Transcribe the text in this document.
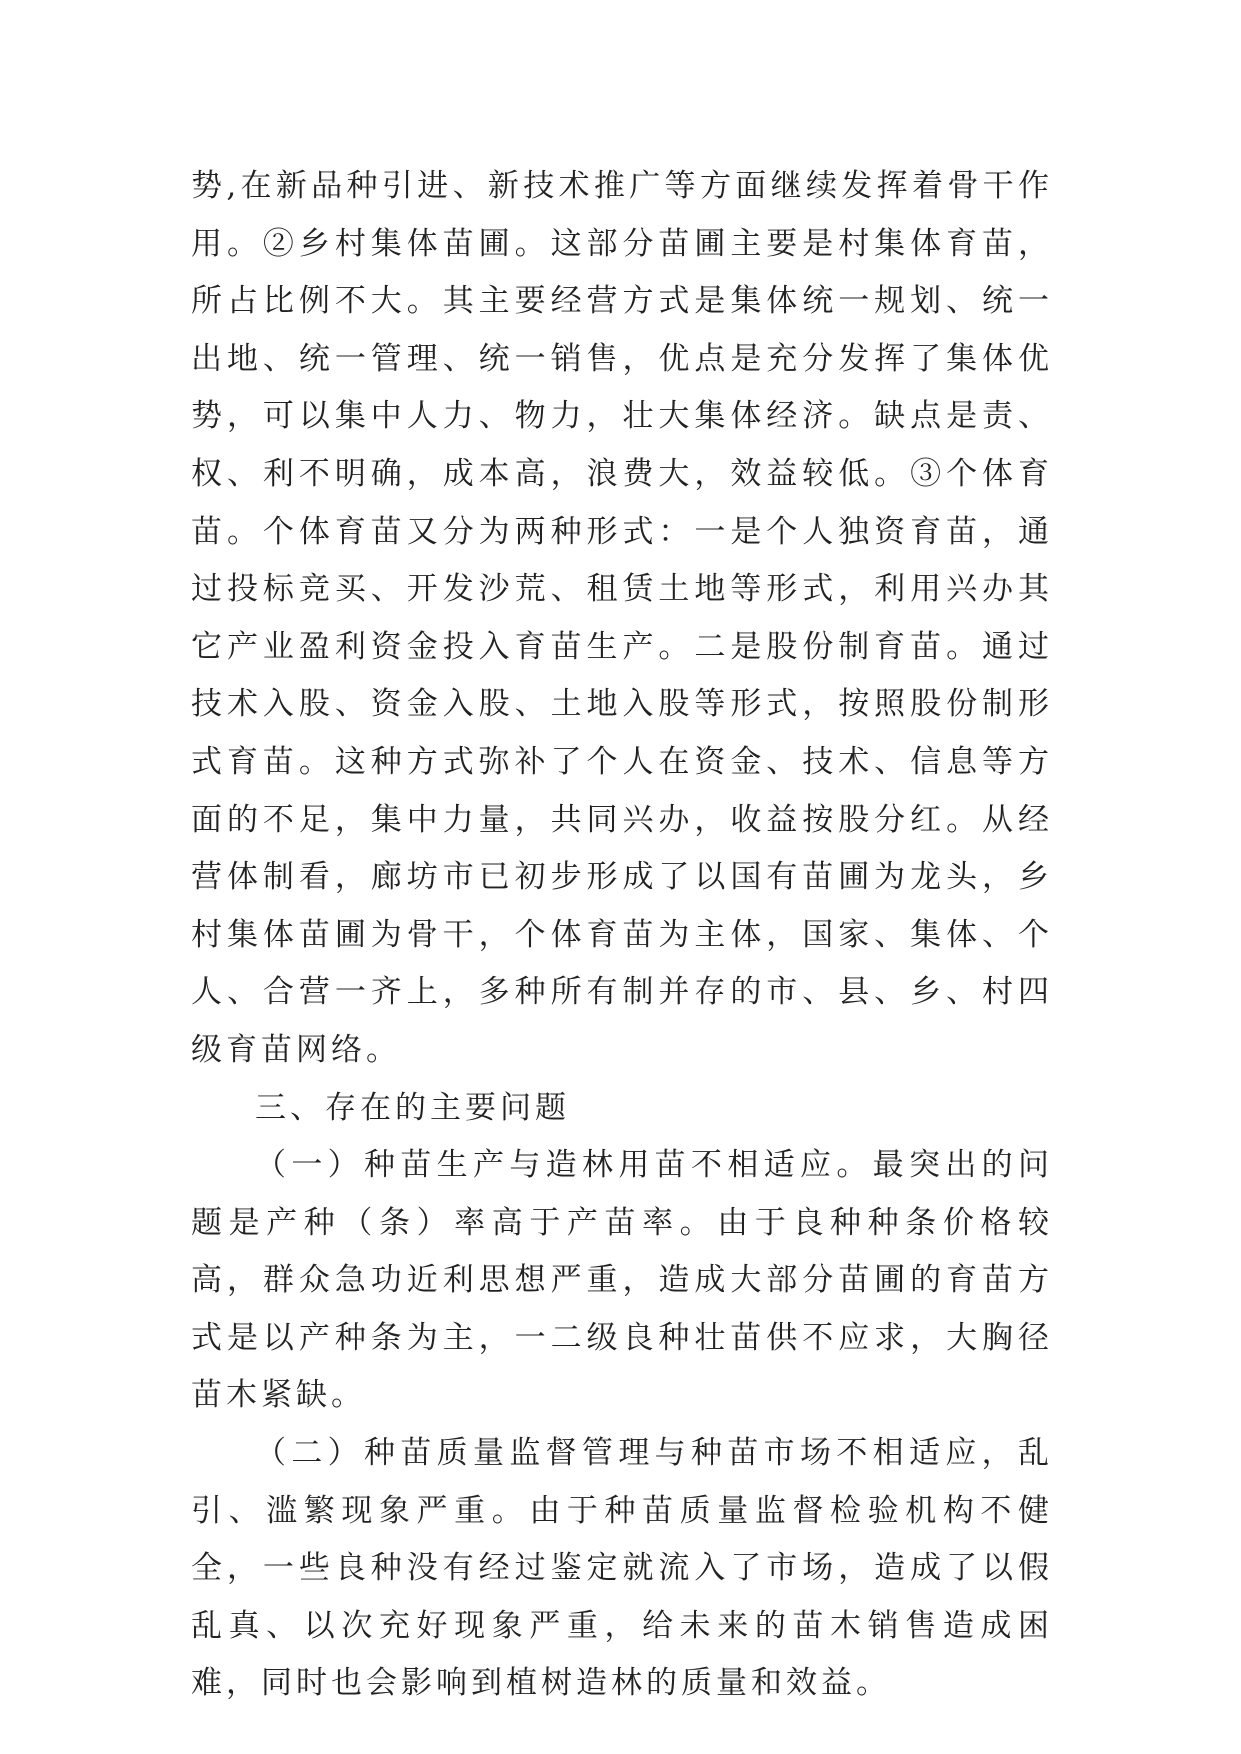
势,在新品种引进、新技术推广等方面继续发挥着骨干作用。②乡村集体苗圃。这部分苗圃主要是村集体育苗，所占比例不大。其主要经营方式是集体统一规划、统一出地、统一管理、统一销售，优点是充分发挥了集体优势，可以集中人力、物力，壮大集体经济。缺点是责、权、利不明确，成本高，浪费大，效益较低。③个体育苗。个体育苗又分为两种形式：一是个人独资育苗，通过投标竞买、开发沙荒、租赁土地等形式，利用兴办其它产业盈利资金投入育苗生产。二是股份制育苗。通过技术入股、资金入股、土地入股等形式，按照股份制形式育苗。这种方式弥补了个人在资金、技术、信息等方面的不足，集中力量，共同兴办，收益按股分红。从经营体制看，廊坊市已初步形成了以国有苗圃为龙头，乡村集体苗圃为骨干，个体育苗为主体，国家、集体、个人、合营一齐上，多种所有制并存的市、县、乡、村四级育苗网络。

三、存在的主要问题

（一）种苗生产与造林用苗不相适应。最突出的问题是产种（条）率高于产苗率。由于良种种条价格较高，群众急功近利思想严重，造成大部分苗圃的育苗方式是以产种条为主，一二级良种壮苗供不应求，大胸径苗木紧缺。

（二）种苗质量监督管理与种苗市场不相适应，乱引、滥繁现象严重。由于种苗质量监督检验机构不健全，一些良种没有经过鉴定就流入了市场，造成了以假乱真、以次充好现象严重，给未来的苗木销售造成困难，同时也会影响到植树造林的质量和效益。
